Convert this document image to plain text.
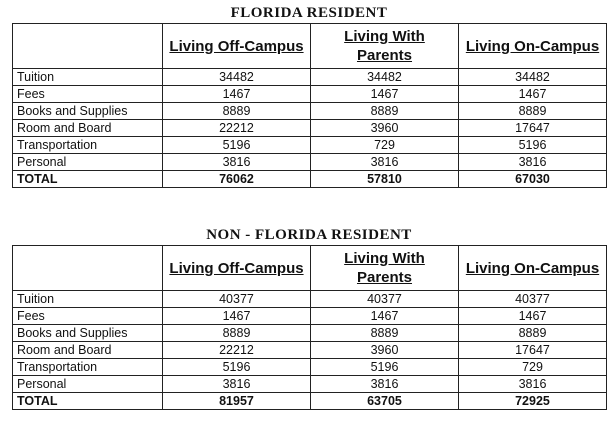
FLORIDA RESIDENT
	Living Off-Campus	Living With Parents	Living On-Campus
Tuition	34482	34482	34482
Fees	1467	1467	1467
Books and Supplies	8889	8889	8889
Room and Board	22212	3960	17647
Transportation	5196	729	5196
Personal	3816	3816	3816
TOTAL	76062	57810	67030
NON - FLORIDA RESIDENT
	Living Off-Campus	Living With Parents	Living On-Campus
Tuition	40377	40377	40377
Fees	1467	1467	1467
Books and Supplies	8889	8889	8889
Room and Board	22212	3960	17647
Transportation	5196	5196	729
Personal	3816	3816	3816
TOTAL	81957	63705	72925
